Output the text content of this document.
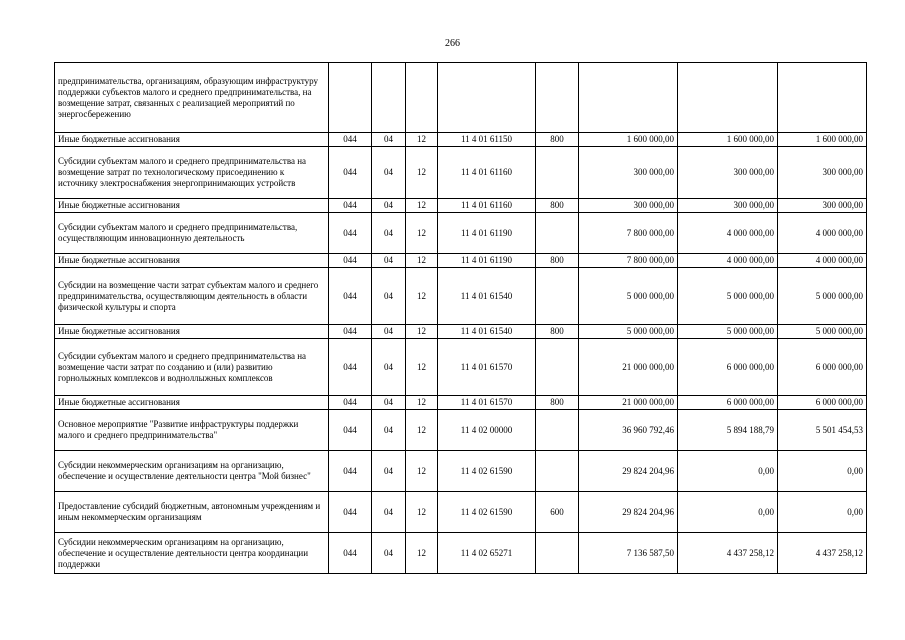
266
предпринимательства, организациям, образующим инфраструктуру поддержки субъектов малого и среднего предпринимательства, на возмещение затрат, связанных с реализацией мероприятий по энергосбережению								
Иные бюджетные ассигнования	044	04	12	11 4 01 61150	800	1 600 000,00	1 600 000,00	1 600 000,00
Субсидии субъектам малого и среднего предпринимательства на возмещение затрат по технологическому присоединению к источнику электроснабжения энергопринимающих устройств	044	04	12	11 4 01 61160		300 000,00	300 000,00	300 000,00
Иные бюджетные ассигнования	044	04	12	11 4 01 61160	800	300 000,00	300 000,00	300 000,00
Субсидии субъектам малого и среднего предпринимательства, осуществляющим инновационную деятельность	044	04	12	11 4 01 61190		7 800 000,00	4 000 000,00	4 000 000,00
Иные бюджетные ассигнования	044	04	12	11 4 01 61190	800	7 800 000,00	4 000 000,00	4 000 000,00
Субсидии на возмещение части затрат субъектам малого и среднего предпринимательства, осуществляющим деятельность в области физической культуры и спорта	044	04	12	11 4 01 61540		5 000 000,00	5 000 000,00	5 000 000,00
Иные бюджетные ассигнования	044	04	12	11 4 01 61540	800	5 000 000,00	5 000 000,00	5 000 000,00
Субсидии субъектам малого и среднего предпринимательства на возмещение части затрат по созданию и (или) развитию горнолыжных комплексов и водноллыжных комплексов	044	04	12	11 4 01 61570		21 000 000,00	6 000 000,00	6 000 000,00
Иные бюджетные ассигнования	044	04	12	11 4 01 61570	800	21 000 000,00	6 000 000,00	6 000 000,00
Основное мероприятие "Развитие инфраструктуры поддержки малого и среднего предпринимательства"	044	04	12	11 4 02 00000		36 960 792,46	5 894 188,79	5 501 454,53
Субсидии некоммерческим организациям на организацию, обеспечение и осуществление деятельности центра "Мой бизнес"	044	04	12	11 4 02 61590		29 824 204,96	0,00	0,00
Предоставление субсидий бюджетным, автономным учреждениям и иным некоммерческим организациям	044	04	12	11 4 02 61590	600	29 824 204,96	0,00	0,00
Субсидии некоммерческим организациям на организацию, обеспечение и осуществление деятельности центра координации поддержки	044	04	12	11 4 02 65271		7 136 587,50	4 437 258,12	4 437 258,12
